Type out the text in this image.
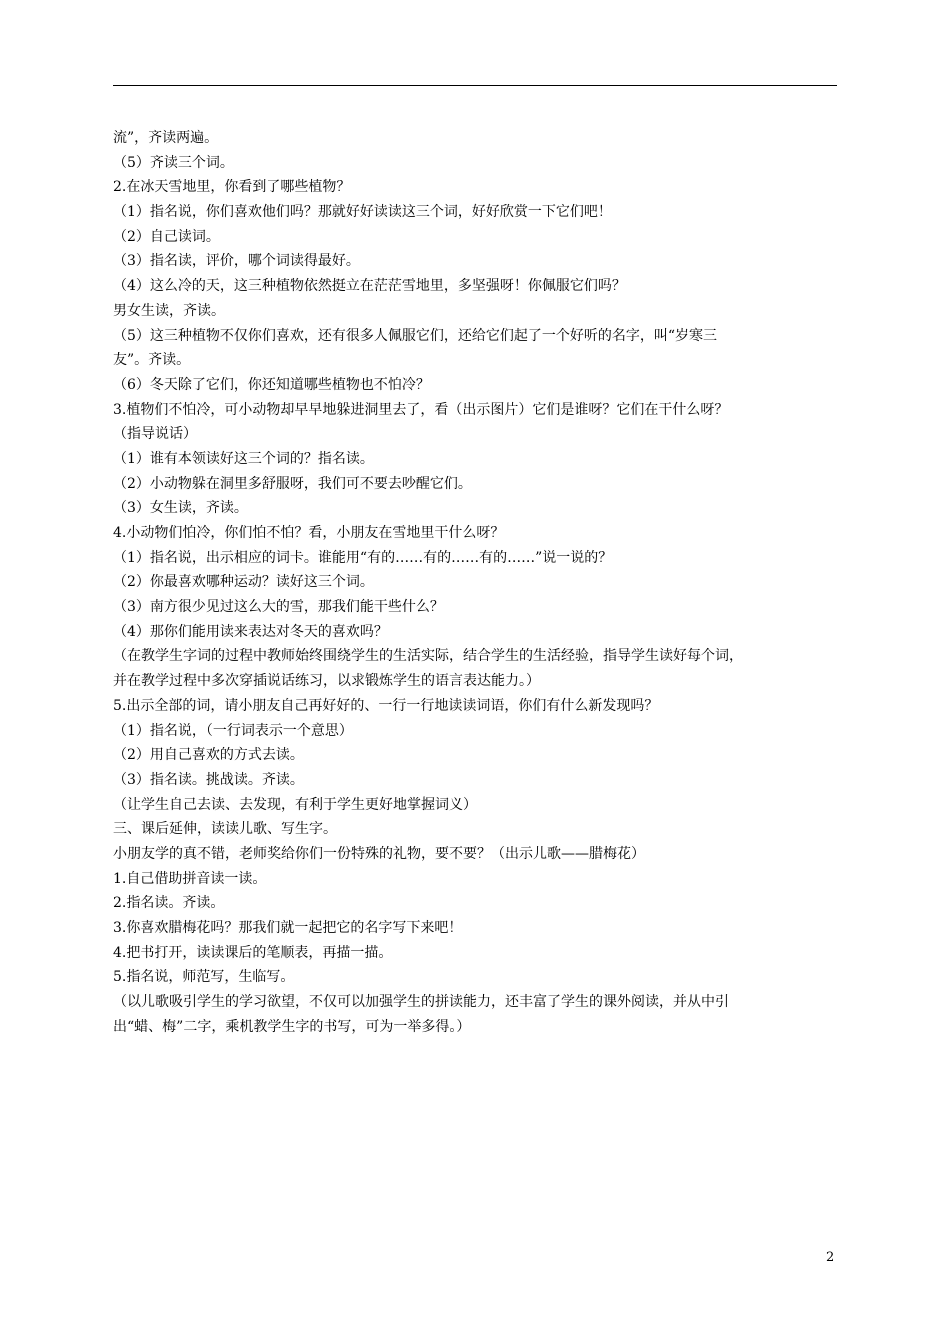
流”，齐读两遍。
（5）齐读三个词。
2.在冰天雪地里，你看到了哪些植物？
（1）指名说，你们喜欢他们吗？那就好好读读这三个词，好好欣赏一下它们吧！
（2）自己读词。
（3）指名读，评价，哪个词读得最好。
（4）这么冷的天，这三种植物依然挺立在茫茫雪地里，多坚强呀！你佩服它们吗？
男女生读，齐读。
（5）这三种植物不仅你们喜欢，还有很多人佩服它们，还给它们起了一个好听的名字，叫“岁寒三
友”。齐读。
（6）冬天除了它们，你还知道哪些植物也不怕冷？
3.植物们不怕冷，可小动物却早早地躲进洞里去了，看（出示图片）它们是谁呀？它们在干什么呀？
（指导说话）
（1）谁有本领读好这三个词的？指名读。
（2）小动物躲在洞里多舒服呀，我们可不要去吵醒它们。
（3）女生读，齐读。
4.小动物们怕冷，你们怕不怕？看，小朋友在雪地里干什么呀？
（1）指名说，出示相应的词卡。谁能用“有的……有的……有的……”说一说的？
（2）你最喜欢哪种运动？读好这三个词。
（3）南方很少见过这么大的雪，那我们能干些什么？
（4）那你们能用读来表达对冬天的喜欢吗？
（在教学生字词的过程中教师始终围绕学生的生活实际，结合学生的生活经验，指导学生读好每个词，
并在教学过程中多次穿插说话练习，以求锻炼学生的语言表达能力。）
5.出示全部的词，请小朋友自己再好好的、一行一行地读读词语，你们有什么新发现吗？
（1）指名说，（一行词表示一个意思）
（2）用自己喜欢的方式去读。
（3）指名读。挑战读。齐读。
（让学生自己去读、去发现，有利于学生更好地掌握词义）
三、课后延伸，读读儿歌、写生字。
小朋友学的真不错，老师奖给你们一份特殊的礼物，要不要？（出示儿歌——腊梅花）
1.自己借助拼音读一读。
2.指名读。齐读。
3.你喜欢腊梅花吗？那我们就一起把它的名字写下来吧！
4.把书打开，读读课后的笔顺表，再描一描。
5.指名说，师范写，生临写。
（以儿歌吸引学生的学习欲望，不仅可以加强学生的拼读能力，还丰富了学生的课外阅读，并从中引
出“蜡、梅”二字，乘机教学生字的书写，可为一举多得。）
2
